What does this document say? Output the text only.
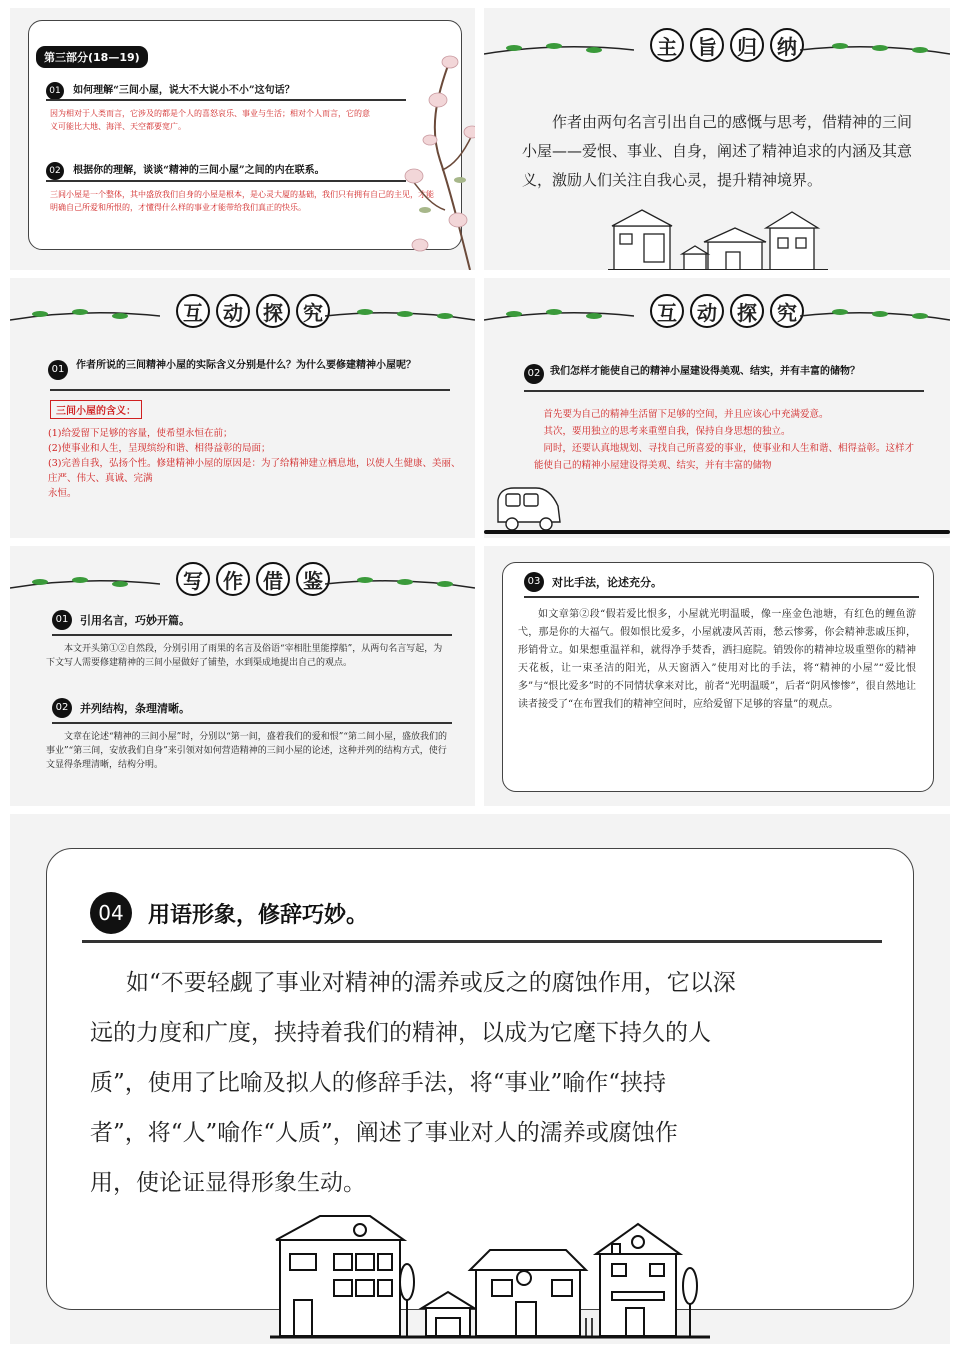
第三部分(18—19)
01 如何理解“三间小屋，说大不大说小不小”这句话？

因为相对于人类而言，它涉及的都是个人的喜怒哀乐、事业与生活；相对个人而言，它的意义可能比大地、海洋、天空都要宽广。

02 根据你的理解，谈谈“精神的三间小屋”之间的内在联系。

三间小屋是一个整体，其中盛放我们自身的小屋是根本，是心灵大厦的基础，我们只有拥有自己的主见，才能明确自己所爱和所恨的，才懂得什么样的事业才能带给我们真正的快乐。

主	旨	归	纳

作者由两句名言引出自己的感慨与思考，借精神的三间小屋——爱恨、事业、自身，阐述了精神追求的内涵及其意义，激励人们关注自我心灵，提升精神境界。

互	动	探	究
01	作者所说的三间精神小屋的实际含义分别是什么？为什么要修建精神小屋呢？

三间小屋的含义：

(1)给爱留下足够的容量，使希望永恒在前；

(2)使事业和人生，呈现缤纷和谐、相得益彰的局面；

(3)完善自我，弘扬个性。修建精神小屋的原因是：为了给精神建立栖息地，以使人生健康、美丽、庄严、伟大、真诚、完满

永恒。

互	动	探	究
02 我们怎样才能使自己的精神小屋建设得美观、结实，并有丰富的储物？

首先要为自己的精神生活留下足够的空间，并且应该心中充满爱意。

其次，要用独立的思考来重塑自我，保持自身思想的独立。

同时，还要认真地规划、寻找自己所喜爱的事业，使事业和人生和谐、相得益彰。这样才能使自己的精神小屋建设得美观、结实，并有丰富的储物

写	作	借	鉴
01	引用名言，巧妙开篇。

本文开头第①②自然段，分别引用了雨果的名言及俗语“宰相肚里能撑船”，从两句名言写起，为下文写人需要修建精神的三间小屋做好了铺垫，水到渠成地提出自己的观点。

02	并列结构，条理清晰。

文章在论述“精神的三间小屋”时，分别以“第一间，盛着我们的爱和恨”“第二间小屋，盛放我们的事业”“第三间，安放我们自身”来引领对如何营造精神的三间小屋的论述，这种并列的结构方式，使行文显得条理清晰，结构分明。

03	对比手法，论述充分。

如文章第②段“假若爱比恨多，小屋就光明温暖，像一座金色池塘，有红色的鲤鱼游弋，那是你的大福气。假如恨比爱多，小屋就凄风苦雨，愁云惨雾，你会精神悲戚压抑，形销骨立。如果想重温祥和，就得净手焚香，洒扫庭院。销毁你的精神垃圾重塑你的精神天花板，让一束圣洁的阳光，从天窗洒入”使用对比的手法，将“精神的小屋”“爱比恨多”与“恨比爱多”时的不同情状拿来对比，前者“光明温暖”，后者“阴风惨惨”，很自然地让读者接受了“在布置我们的精神空间时，应给爱留下足够的容量”的观点。

04	用语形象，修辞巧妙。

如“不要轻觑了事业对精神的濡养或反之的腐蚀作用，它以深

远的力度和广度，挟持着我们的精神，以成为它麾下持久的人

质”，使用了比喻及拟人的修辞手法，将“事业”喻作“挟持

者”，将“人”喻作“人质”，阐述了事业对人的濡养或腐蚀作

用，使论证显得形象生动。
